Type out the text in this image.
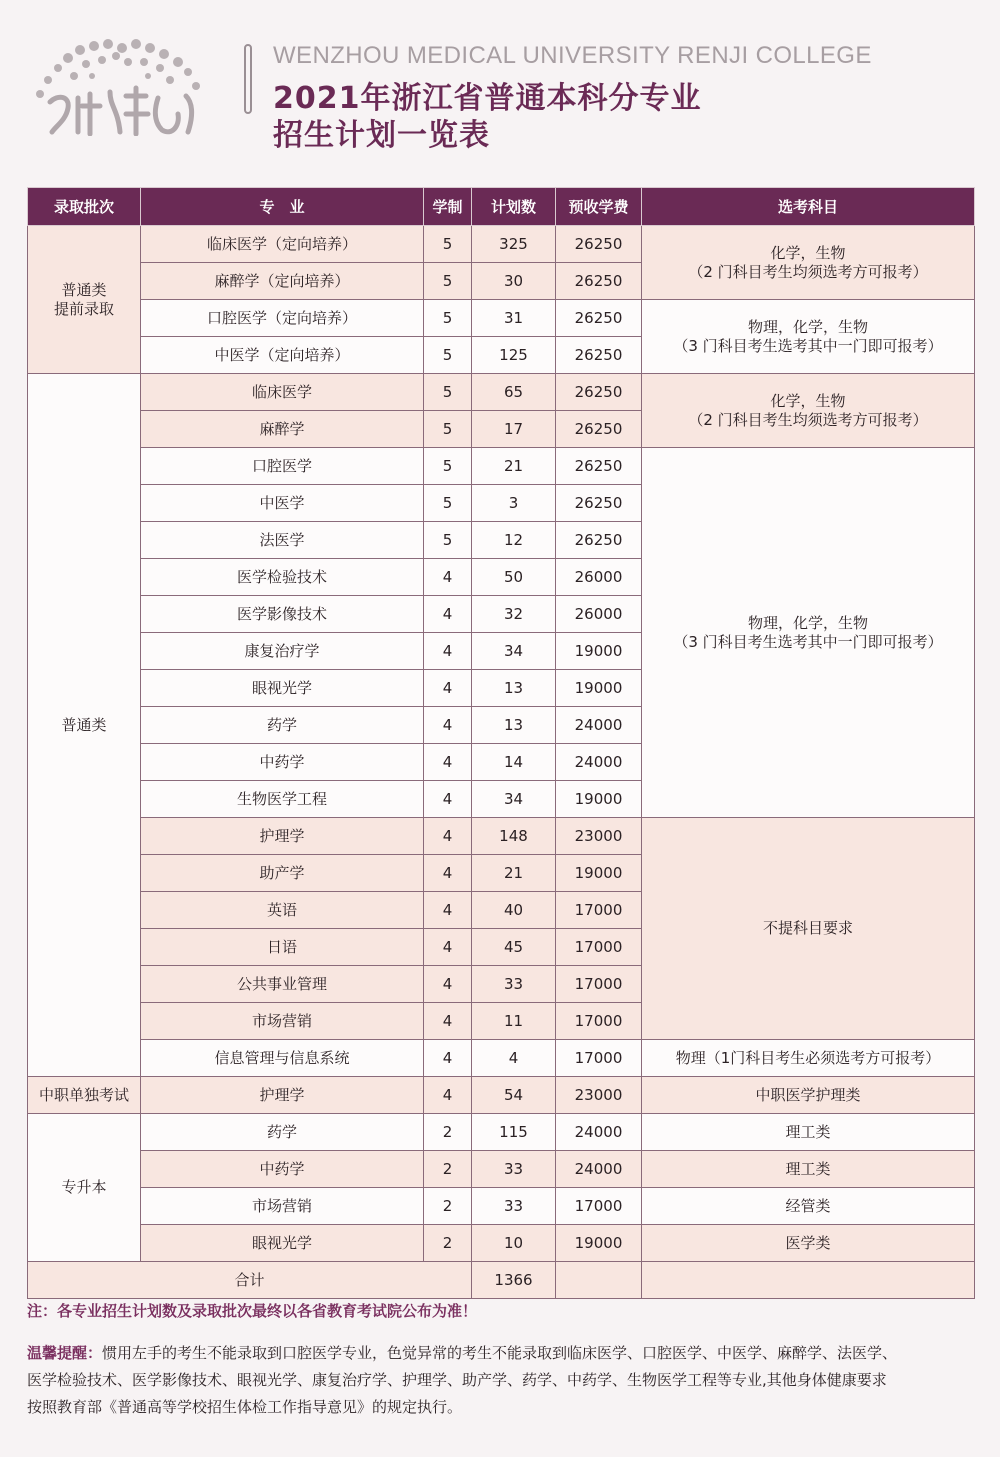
WENZHOU MEDICAL UNIVERSITY RENJI COLLEGE
2021年浙江省普通本科分专业
招生计划一览表
录取批次	专　业	学制	计划数	预收学费	选考科目
普通类
提前录取	临床医学（定向培养）	5	325	26250	化学，生物
（2 门科目考生均须选考方可报考）
	麻醉学（定向培养）	5	30	26250	
	口腔医学（定向培养）	5	31	26250	物理，化学，生物
（3 门科目考生选考其中一门即可报考）
	中医学（定向培养）	5	125	26250	
普通类	临床医学	5	65	26250	化学，生物
（2 门科目考生均须选考方可报考）
	麻醉学	5	17	26250	
	口腔医学	5	21	26250	物理，化学，生物
（3 门科目考生选考其中一门即可报考）
	中医学	5	3	26250	
	法医学	5	12	26250	
	医学检验技术	4	50	26000	
	医学影像技术	4	32	26000	
	康复治疗学	4	34	19000	
	眼视光学	4	13	19000	
	药学	4	13	24000	
	中药学	4	14	24000	
	生物医学工程	4	34	19000	
	护理学	4	148	23000	不提科目要求
	助产学	4	21	19000	
	英语	4	40	17000	
	日语	4	45	17000	
	公共事业管理	4	33	17000	
	市场营销	4	11	17000	
	信息管理与信息系统	4	4	17000	物理（1门科目考生必须选考方可报考）
中职单独考试	护理学	4	54	23000	中职医学护理类
专升本	药学	2	115	24000	理工类
	中药学	2	33	24000	理工类
	市场营销	2	33	17000	经管类
	眼视光学	2	10	19000	医学类
合计			1366		
注：各专业招生计划数及录取批次最终以各省教育考试院公布为准！
温馨提醒：惯用左手的考生不能录取到口腔医学专业，色觉异常的考生不能录取到临床医学、口腔医学、中医学、麻醉学、法医学、
医学检验技术、医学影像技术、眼视光学、康复治疗学、护理学、助产学、药学、中药学、生物医学工程等专业,其他身体健康要求
按照教育部《普通高等学校招生体检工作指导意见》的规定执行。
